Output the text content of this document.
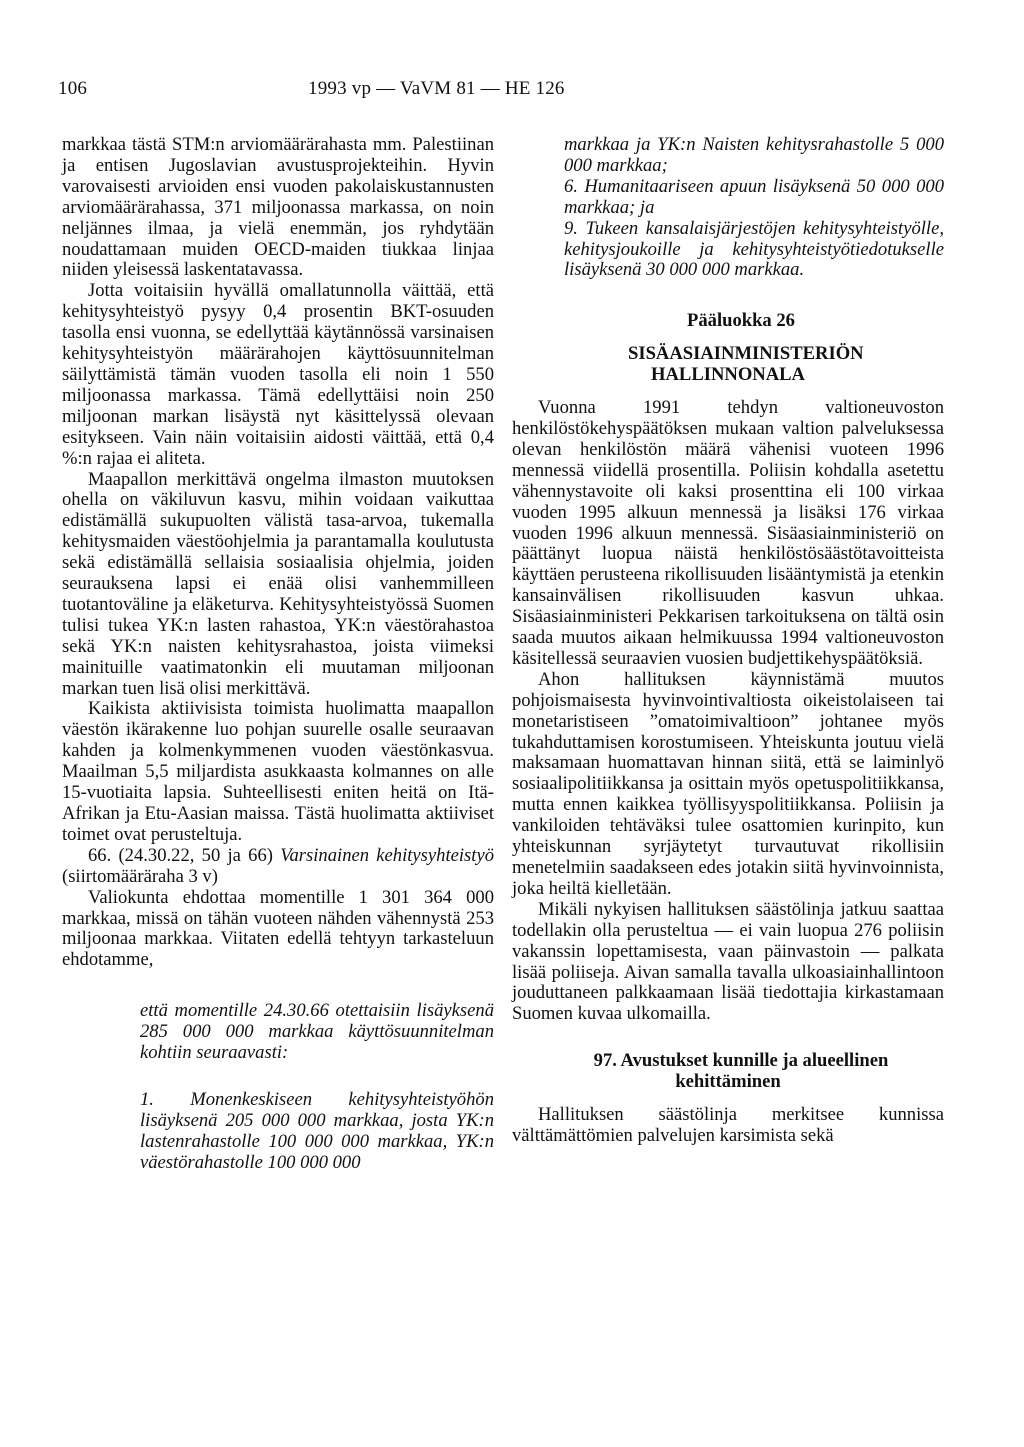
106	1993 vp — VaVM 81 — HE 126

markkaa tästä STM:n arviomäärärahasta mm. Palestiinan ja entisen Jugoslavian avustusprojekteihin. Hyvin varovaisesti arvioiden ensi vuoden pakolaiskustannusten arviomäärärahassa, 371 miljoonassa markassa, on noin neljännes ilmaa, ja vielä enemmän, jos ryhdytään noudattamaan muiden OECD-maiden tiukkaa linjaa niiden yleisessä laskentatavassa.

Jotta voitaisiin hyvällä omallatunnolla väittää, että kehitysyhteistyö pysyy 0,4 prosentin BKT-osuuden tasolla ensi vuonna, se edellyttää käytännössä varsinaisen kehitysyhteistyön määrärahojen käyttösuunnitelman säilyttämistä tämän vuoden tasolla eli noin 1 550 miljoonassa markassa. Tämä edellyttäisi noin 250 miljoonan markan lisäystä nyt käsittelyssä olevaan esitykseen. Vain näin voitaisiin aidosti väittää, että 0,4 %:n rajaa ei aliteta.

Maapallon merkittävä ongelma ilmaston muutoksen ohella on väkiluvun kasvu, mihin voidaan vaikuttaa edistämällä sukupuolten välistä tasa-arvoa, tukemalla kehitysmaiden väestöohjelmia ja parantamalla koulutusta sekä edistämällä sellaisia sosiaalisia ohjelmia, joiden seurauksena lapsi ei enää olisi vanhemmilleen tuotantoväline ja eläketurva. Kehitysyhteistyössä Suomen tulisi tukea YK:n lasten rahastoa, YK:n väestörahastoa sekä YK:n naisten kehitysrahastoa, joista viimeksi mainituille vaatimatonkin eli muutaman miljoonan markan tuen lisä olisi merkittävä.

Kaikista aktiivisista toimista huolimatta maapallon väestön ikärakenne luo pohjan suurelle osalle seuraavan kahden ja kolmenkymmenen vuoden väestönkasvua. Maailman 5,5 miljardista asukkaasta kolmannes on alle 15-vuotiaita lapsia. Suhteellisesti eniten heitä on Itä-Afrikan ja Etu-Aasian maissa. Tästä huolimatta aktiiviset toimet ovat perusteltuja.

66. (24.30.22, 50 ja 66) Varsinainen kehitysyhteistyö (siirtomääräraha 3 v)

Valiokunta ehdottaa momentille 1 301 364 000 markkaa, missä on tähän vuoteen nähden vähennystä 253 miljoonaa markkaa. Viitaten edellä tehtyyn tarkasteluun ehdotamme,

että momentille 24.30.66 otettaisiin lisäyksenä 285 000 000 markkaa käyttösuunnitelman kohtiin seuraavasti:

1. Monenkeskiseen kehitysyhteistyöhön lisäyksenä 205 000 000 markkaa, josta YK:n lastenrahastolle 100 000 000 markkaa, YK:n väestörahastolle 100 000 000

markkaa ja YK:n Naisten kehitysrahastolle 5 000 000 markkaa;

6. Humanitaariseen apuun lisäyksenä 50 000 000 markkaa; ja

9. Tukeen kansalaisjärjestöjen kehitysyhteistyölle, kehitysjoukoille ja kehitysyhteistyötiedotukselle lisäyksenä 30 000 000 markkaa.

Pääluokka 26

SISÄASIAINMINISTERIÖN HALLINNONALA

Vuonna 1991 tehdyn valtioneuvoston henkilöstökehyspäätöksen mukaan valtion palveluksessa olevan henkilöstön määrä vähenisi vuoteen 1996 mennessä viidellä prosentilla. Poliisin kohdalla asetettu vähennystavoite oli kaksi prosenttina eli 100 virkaa vuoden 1995 alkuun mennessä ja lisäksi 176 virkaa vuoden 1996 alkuun mennessä. Sisäasiainministeriö on päättänyt luopua näistä henkilöstösäästötavoitteista käyttäen perusteena rikollisuuden lisääntymistä ja etenkin kansainvälisen rikollisuuden kasvun uhkaa. Sisäasiainministeri Pekkarisen tarkoituksena on tältä osin saada muutos aikaan helmikuussa 1994 valtioneuvoston käsitellessä seuraavien vuosien budjettikehyspäätöksiä.

Ahon hallituksen käynnistämä muutos pohjoismaisesta hyvinvointivaltiosta oikeistolaiseen tai monetaristiseen ”omatoimivaltioon” johtanee myös tukahduttamisen korostumiseen. Yhteiskunta joutuu vielä maksamaan huomattavan hinnan siitä, että se laiminlyö sosiaalipolitiikkansa ja osittain myös opetuspolitiikkansa, mutta ennen kaikkea työllisyyspolitiikkansa. Poliisin ja vankiloiden tehtäväksi tulee osattomien kurinpito, kun yhteiskunnan syrjäytetyt turvautuvat rikollisiin menetelmiin saadakseen edes jotakin siitä hyvinvoinnista, joka heiltä kielletään.

Mikäli nykyisen hallituksen säästölinja jatkuu saattaa todellakin olla perusteltua — ei vain luopua 276 poliisin vakanssin lopettamisesta, vaan päinvastoin — palkata lisää poliiseja. Aivan samalla tavalla ulkoasiainhallintoon jouduttaneen palkkaamaan lisää tiedottajia kirkastamaan Suomen kuvaa ulkomailla.

97. Avustukset kunnille ja alueellinen kehittäminen

Hallituksen säästölinja merkitsee kunnissa välttämättömien palvelujen karsimista sekä
